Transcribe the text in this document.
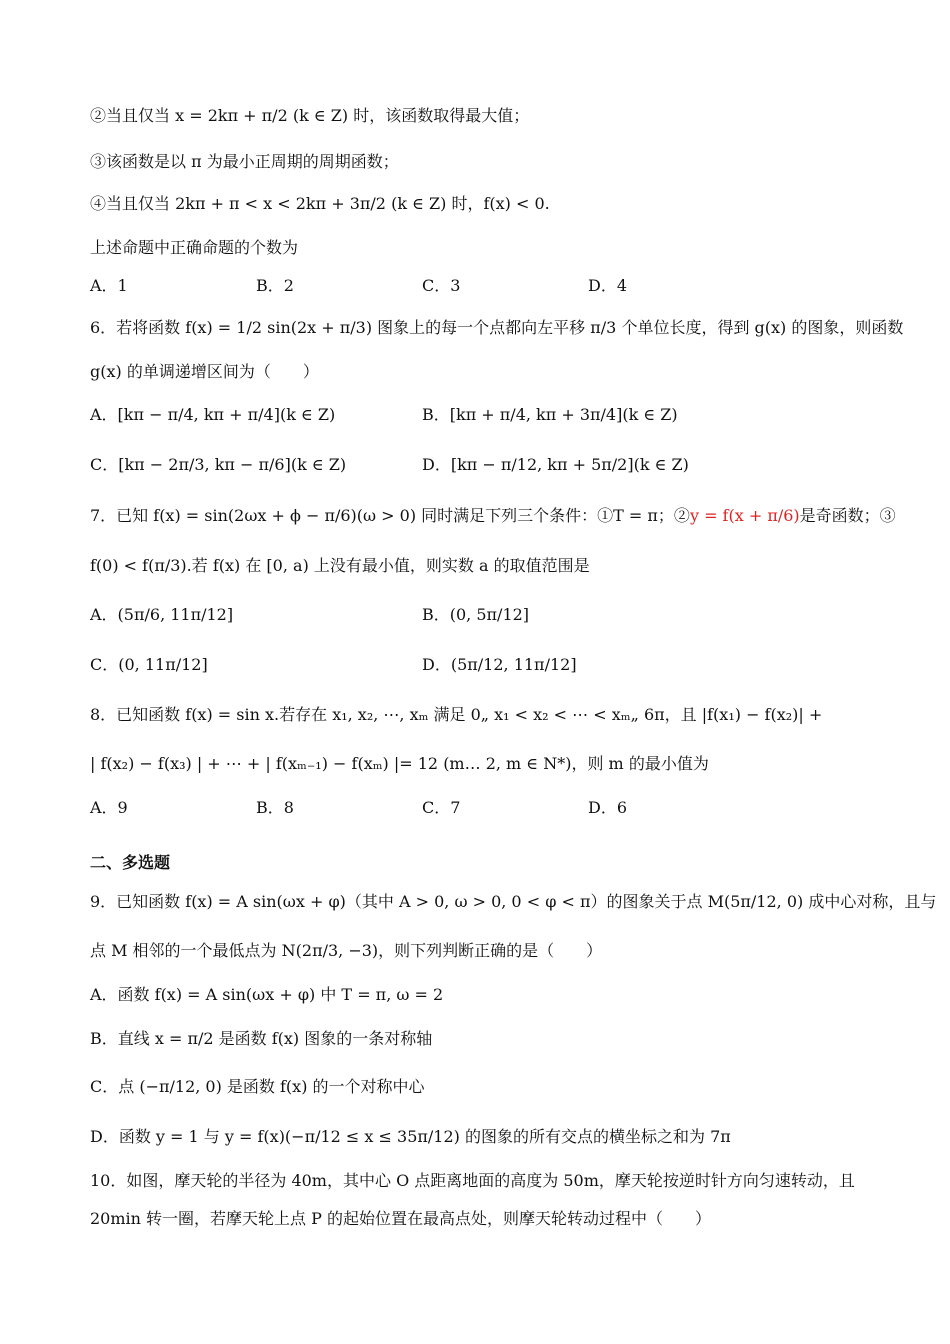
②当且仅当 x = 2kπ + π/2 (k ∈ Z) 时，该函数取得最大值；
③该函数是以 π 为最小正周期的周期函数；
④当且仅当 2kπ + π < x < 2kπ + 3π/2 (k ∈ Z) 时，f(x) < 0.
上述命题中正确命题的个数为
A．1	B．2	C．3	D．4
6．若将函数 f(x) = 1/2 sin(2x + π/3) 图象上的每一个点都向左平移 π/3 个单位长度，得到 g(x) 的图象，则函数
g(x) 的单调递增区间为（　　）
A．[kπ − π/4, kπ + π/4](k ∈ Z)	B．[kπ + π/4, kπ + 3π/4](k ∈ Z)
C．[kπ − 2π/3, kπ − π/6](k ∈ Z)	D．[kπ − π/12, kπ + 5π/2](k ∈ Z)
7．已知 f(x) = sin(2ωx + ϕ − π/6)(ω > 0) 同时满足下列三个条件：①T = π；②y = f(x + π/6)是奇函数；③
f(0) < f(π/3).若 f(x) 在 [0, a) 上没有最小值，则实数 a 的取值范围是
A．(5π/6, 11π/12]	B．(0, 5π/12]
C．(0, 11π/12]	D．(5π/12, 11π/12]
8．已知函数 f(x) = sin x.若存在 x₁, x₂, ⋯, xₘ 满足 0„ x₁ < x₂ < ⋯ < xₘ„ 6π，且 |f(x₁) − f(x₂)| +
| f(x₂) − f(x₃) | + ⋯ + | f(xₘ₋₁) − f(xₘ) |= 12 (m… 2, m ∈ N*)，则 m 的最小值为
A．9	B．8	C．7	D．6
二、多选题
9．已知函数 f(x) = A sin(ωx + φ)（其中 A > 0, ω > 0, 0 < φ < π）的图象关于点 M(5π/12, 0) 成中心对称，且与
点 M 相邻的一个最低点为 N(2π/3, −3)，则下列判断正确的是（　　）
A．函数 f(x) = A sin(ωx + φ) 中 T = π, ω = 2
B．直线 x = π/2 是函数 f(x) 图象的一条对称轴
C．点 (−π/12, 0) 是函数 f(x) 的一个对称中心
D．函数 y = 1 与 y = f(x)(−π/12 ≤ x ≤ 35π/12) 的图象的所有交点的横坐标之和为 7π
10．如图，摩天轮的半径为 40m，其中心 O 点距离地面的高度为 50m，摩天轮按逆时针方向匀速转动，且
20min 转一圈，若摩天轮上点 P 的起始位置在最高点处，则摩天轮转动过程中（　　）
